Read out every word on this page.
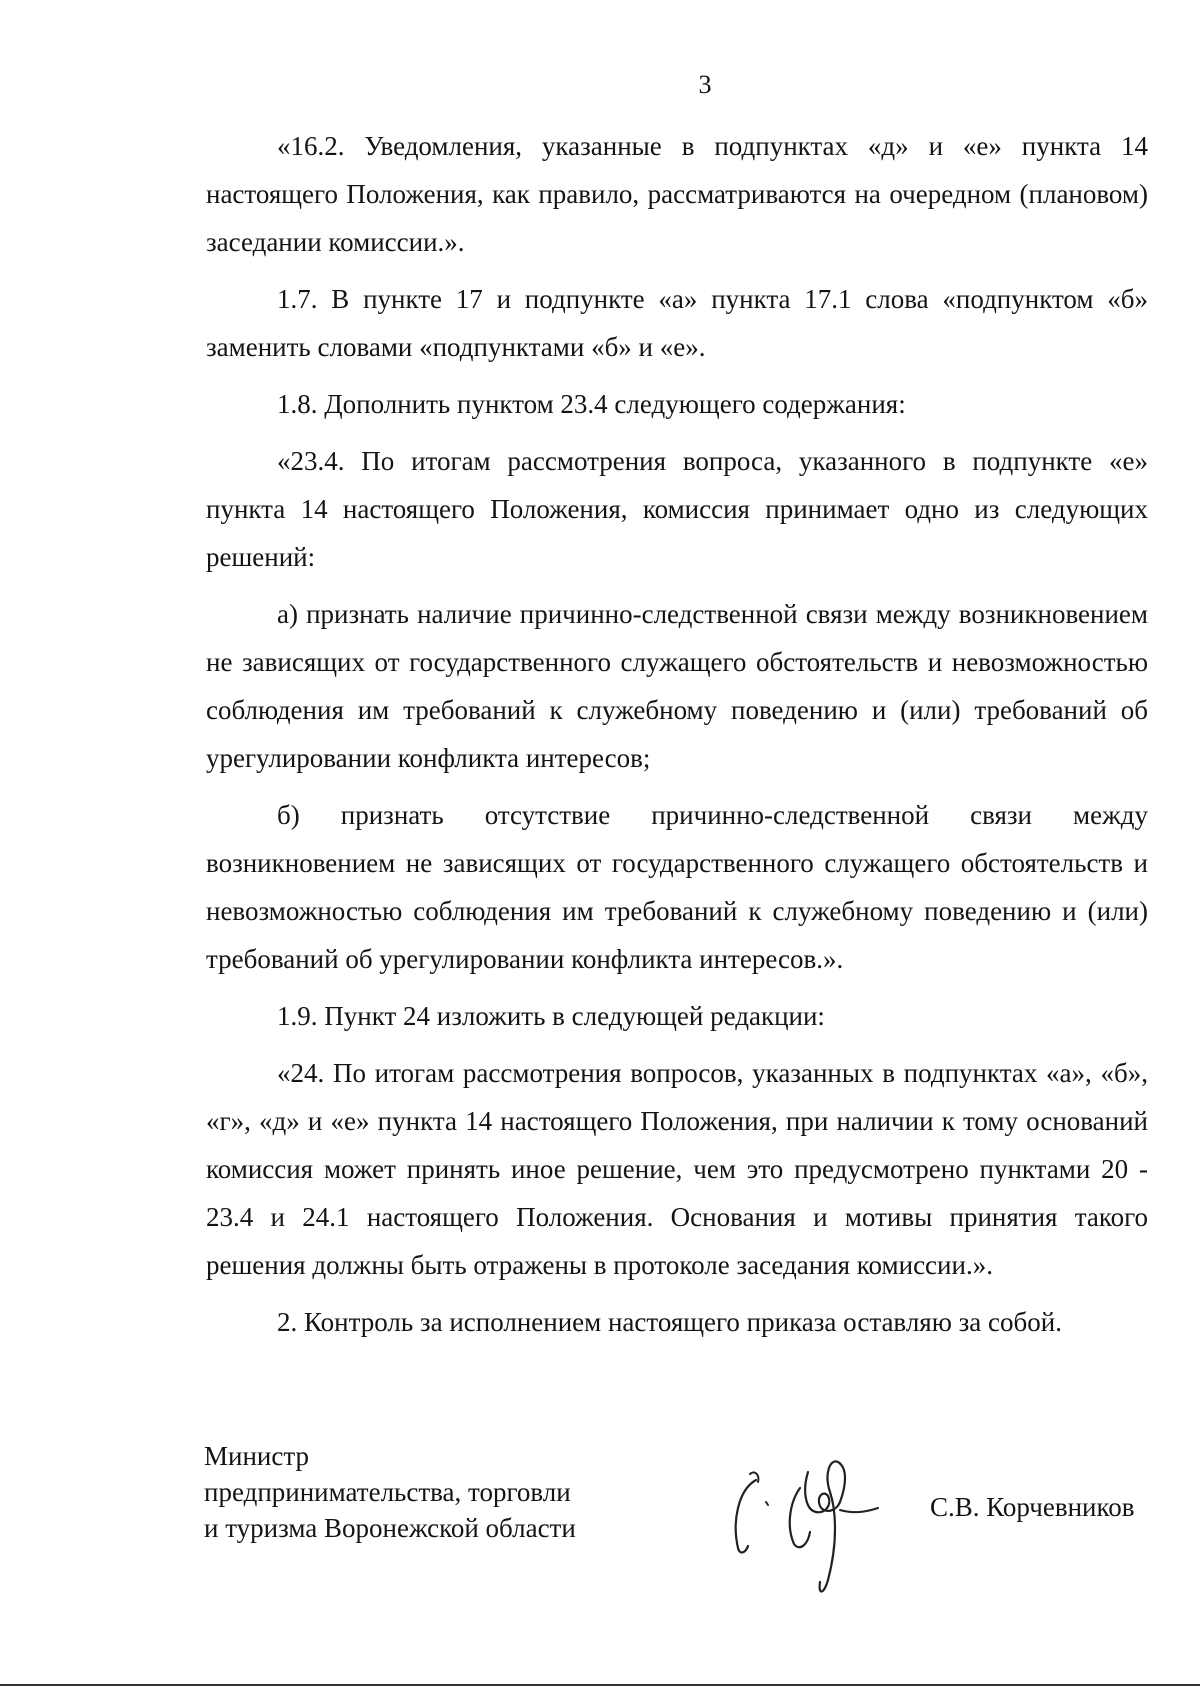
3

«16.2. Уведомления, указанные в подпунктах «д» и «е» пункта 14 настоящего Положения, как правило, рассматриваются на очередном (плановом) заседании комиссии.».

1.7. В пункте 17 и подпункте «а» пункта 17.1 слова «подпунктом «б» заменить словами «подпунктами «б» и «е».

1.8. Дополнить пунктом 23.4 следующего содержания:

«23.4. По итогам рассмотрения вопроса, указанного в подпункте «е» пункта 14 настоящего Положения, комиссия принимает одно из следующих решений:

а) признать наличие причинно-следственной связи между возникновением не зависящих от государственного служащего обстоятельств и невозможностью соблюдения им требований к служебному поведению и (или) требований об урегулировании конфликта интересов;

б) признать отсутствие причинно-следственной связи между возникновением не зависящих от государственного служащего обстоятельств и невозможностью соблюдения им требований к служебному поведению и (или) требований об урегулировании конфликта интересов.».

1.9. Пункт 24 изложить в следующей редакции:

«24. По итогам рассмотрения вопросов, указанных в подпунктах «а», «б», «г», «д» и «е» пункта 14 настоящего Положения, при наличии к тому оснований комиссия может принять иное решение, чем это предусмотрено пунктами 20 - 23.4 и 24.1 настоящего Положения. Основания и мотивы принятия такого решения должны быть отражены в протоколе заседания комиссии.».

2. Контроль за исполнением настоящего приказа оставляю за собой.

Министр
предпринимательства, торговли
и туризма Воронежской области
С.В. Корчевников
